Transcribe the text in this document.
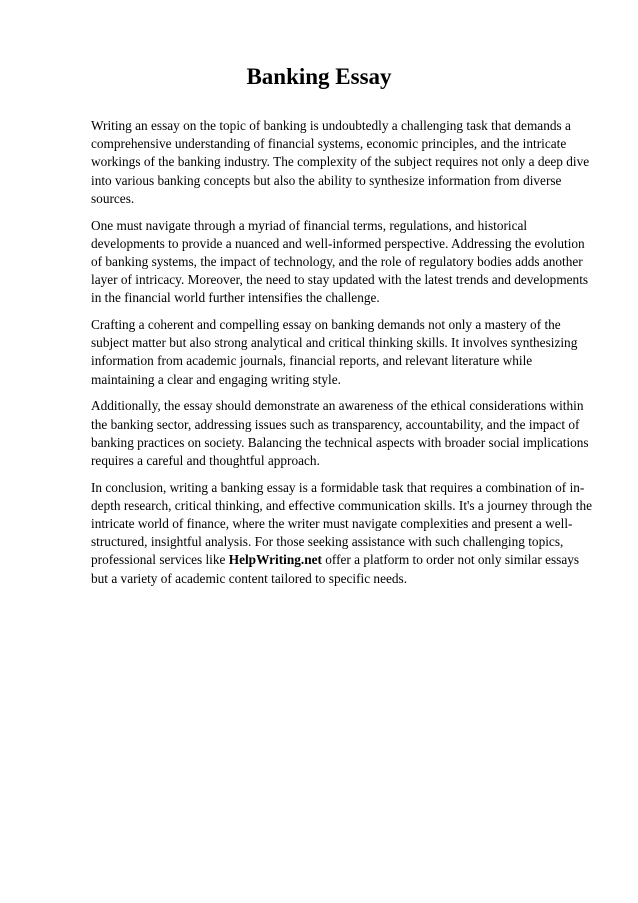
Banking Essay

Writing an essay on the topic of banking is undoubtedly a challenging task that demands a comprehensive understanding of financial systems, economic principles, and the intricate workings of the banking industry. The complexity of the subject requires not only a deep dive into various banking concepts but also the ability to synthesize information from diverse sources.

One must navigate through a myriad of financial terms, regulations, and historical developments to provide a nuanced and well-informed perspective. Addressing the evolution of banking systems, the impact of technology, and the role of regulatory bodies adds another layer of intricacy. Moreover, the need to stay updated with the latest trends and developments in the financial world further intensifies the challenge.

Crafting a coherent and compelling essay on banking demands not only a mastery of the subject matter but also strong analytical and critical thinking skills. It involves synthesizing information from academic journals, financial reports, and relevant literature while maintaining a clear and engaging writing style.

Additionally, the essay should demonstrate an awareness of the ethical considerations within the banking sector, addressing issues such as transparency, accountability, and the impact of banking practices on society. Balancing the technical aspects with broader social implications requires a careful and thoughtful approach.

In conclusion, writing a banking essay is a formidable task that requires a combination of in-depth research, critical thinking, and effective communication skills. It's a journey through the intricate world of finance, where the writer must navigate complexities and present a well-structured, insightful analysis. For those seeking assistance with such challenging topics, professional services like HelpWriting.net offer a platform to order not only similar essays but a variety of academic content tailored to specific needs.
